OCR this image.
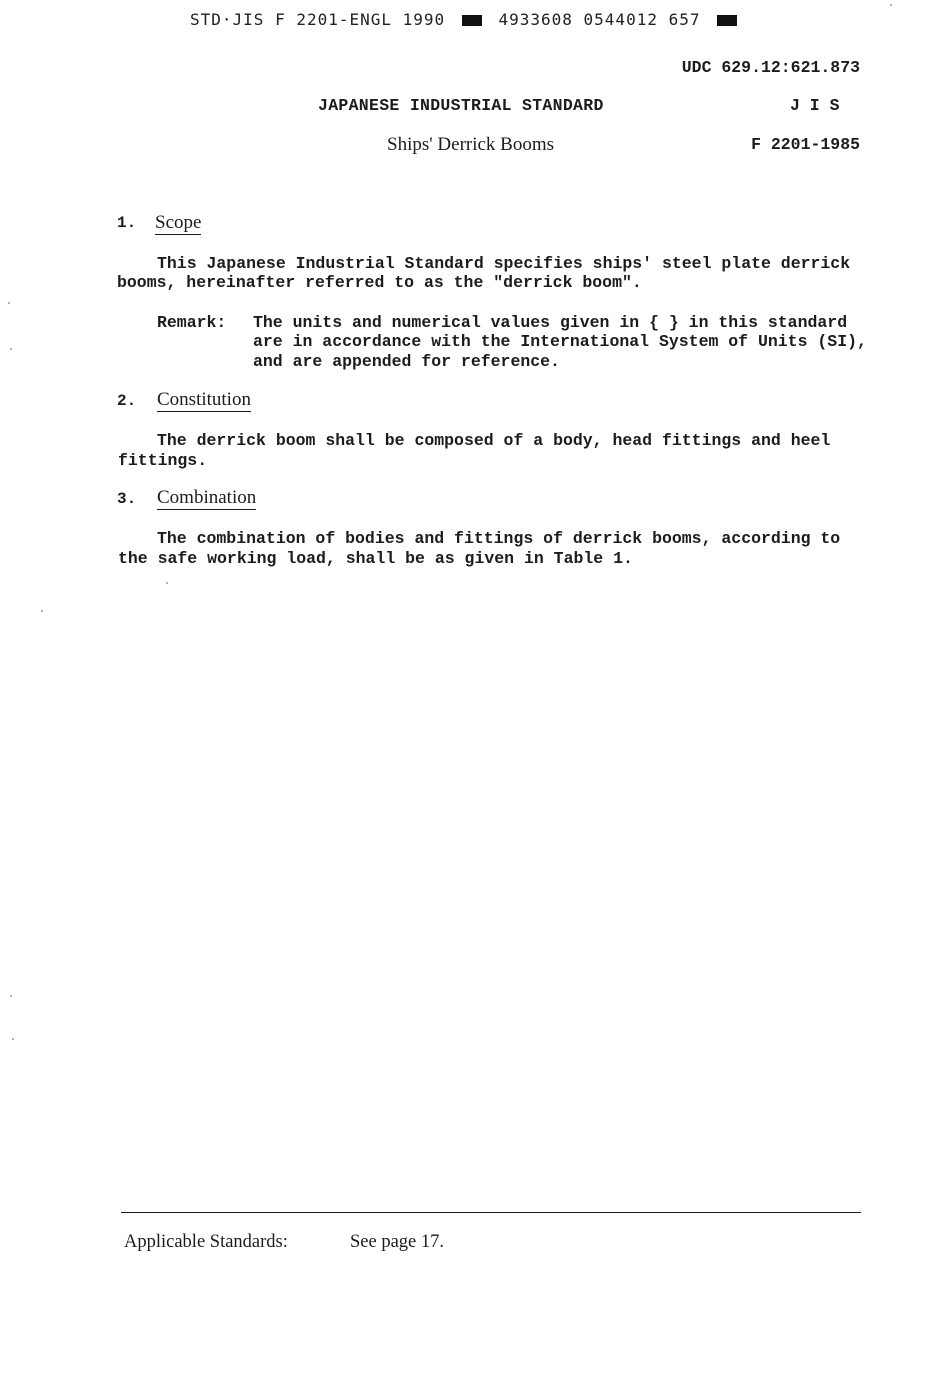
STD·JIS F 2201-ENGL 1990	4933608 0544012 657
UDC 629.12:621.873
JAPANESE INDUSTRIAL STANDARD	J I S
Ships' Derrick Booms	F 2201-1985
1. Scope
This Japanese Industrial Standard specifies ships' steel plate derrick
booms, hereinafter referred to as the "derrick boom".
Remark: The units and numerical values given in { } in this standard
are in accordance with the International System of Units (SI),
and are appended for reference.
2. Constitution
The derrick boom shall be composed of a body, head fittings and heel
fittings.
3. Combination
The combination of bodies and fittings of derrick booms, according to
the safe working load, shall be as given in Table 1.
Applicable Standards:	See page 17.
